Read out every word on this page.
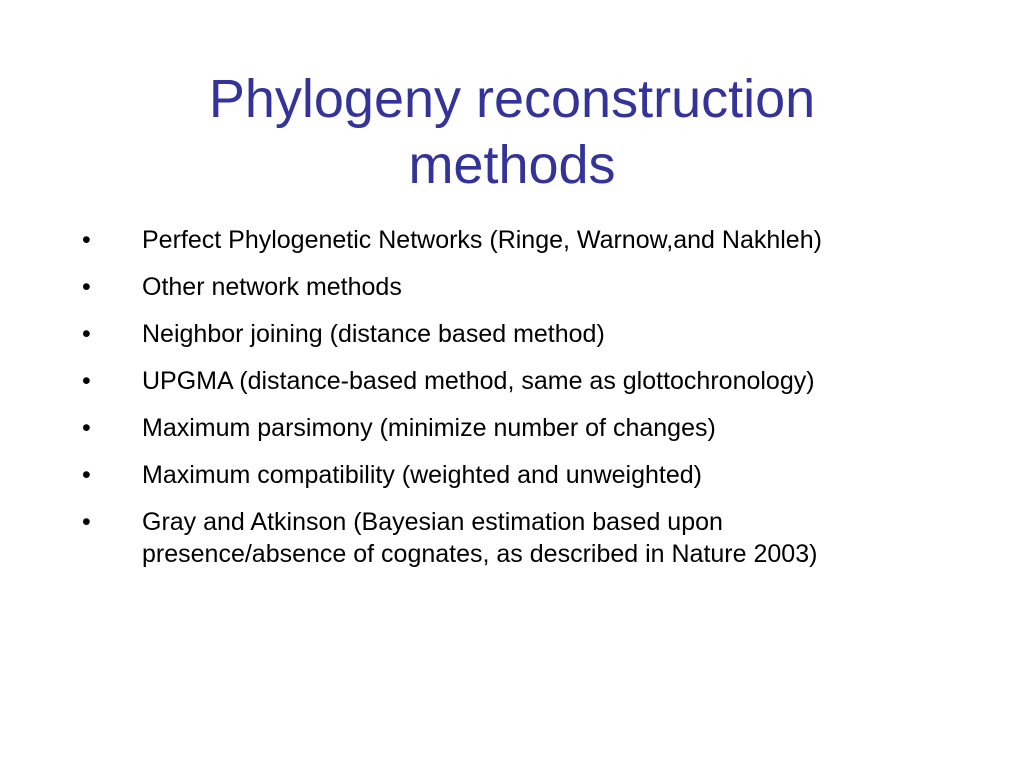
Phylogeny reconstruction methods
•	Perfect Phylogenetic Networks (Ringe, Warnow,and Nakhleh)
•	Other network methods
•	Neighbor joining (distance based method)
•	UPGMA (distance-based method, same as glottochronology)
•	Maximum parsimony (minimize number of changes)
•	Maximum compatibility (weighted and unweighted)
•	Gray and Atkinson (Bayesian estimation based upon presence/absence of cognates, as described in Nature 2003)
